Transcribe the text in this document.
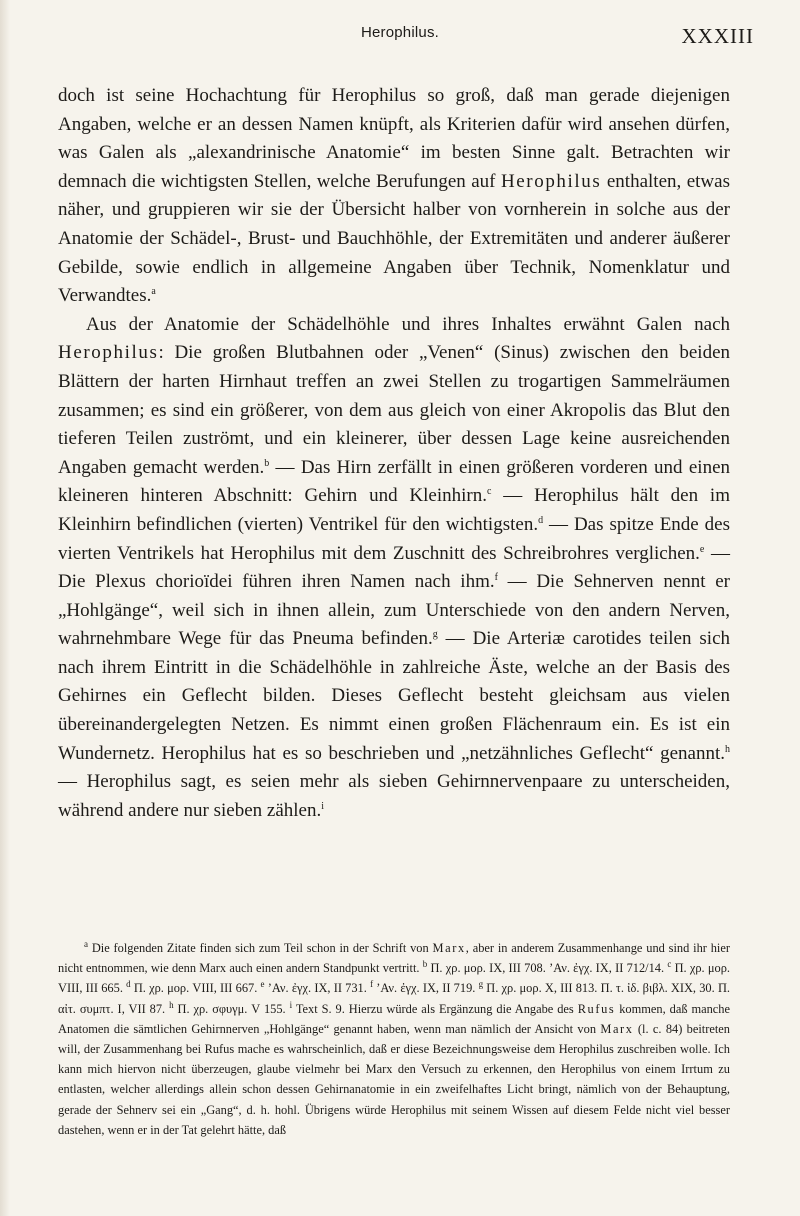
Herophilus.	XXXIII

doch ist seine Hochachtung für Herophilus so groß, daß man gerade diejenigen Angaben, welche er an dessen Namen knüpft, als Kriterien dafür wird ansehen dürfen, was Galen als „alexandrinische Anatomie“ im besten Sinne galt. Betrachten wir demnach die wichtigsten Stellen, welche Berufungen auf Herophilus enthalten, etwas näher, und gruppieren wir sie der Übersicht halber von vornherein in solche aus der Anatomie der Schädel-, Brust- und Bauchhöhle, der Extremitäten und anderer äußerer Gebilde, sowie endlich in allgemeine Angaben über Technik, Nomenklatur und Verwandtes.$^a$

Aus der Anatomie der Schädelhöhle und ihres Inhaltes erwähnt Galen nach Herophilus: Die großen Blutbahnen oder „Venen“ (Sinus) zwischen den beiden Blättern der harten Hirnhaut treffen an zwei Stellen zu trogartigen Sammelräumen zusammen; es sind ein größerer, von dem aus gleich von einer Akropolis das Blut den tieferen Teilen zuströmt, und ein kleinerer, über dessen Lage keine ausreichenden Angaben gemacht werden.$^b$ — Das Hirn zerfällt in einen größeren vorderen und einen kleineren hinteren Abschnitt: Gehirn und Kleinhirn.$^c$ — Herophilus hält den im Kleinhirn befindlichen (vierten) Ventrikel für den wichtigsten.$^d$ — Das spitze Ende des vierten Ventrikels hat Herophilus mit dem Zuschnitt des Schreibrohres verglichen.$^e$ — Die Plexus chorioïdei führen ihren Namen nach ihm.$^f$ — Die Sehnerven nennt er „Hohlgänge“, weil sich in ihnen allein, zum Unterschiede von den andern Nerven, wahrnehmbare Wege für das Pneuma befinden.$^g$ — Die Arteriæ carotides teilen sich nach ihrem Eintritt in die Schädelhöhle in zahlreiche Äste, welche an der Basis des Gehirnes ein Geflecht bilden. Dieses Geflecht besteht gleichsam aus vielen übereinandergelegten Netzen. Es nimmt einen großen Flächenraum ein. Es ist ein Wundernetz. Herophilus hat es so beschrieben und „netzähnliches Geflecht“ genannt.$^h$ — Herophilus sagt, es seien mehr als sieben Gehirnnervenpaare zu unterscheiden, während andere nur sieben zählen.$^i$

$^a$ Die folgenden Zitate finden sich zum Teil schon in der Schrift von Marx, aber in anderem Zusammenhange und sind ihr hier nicht entnommen, wie denn Marx auch einen andern Standpunkt vertritt. $^b$ Π. χρ. μορ. IX, III 708. ’Αν. ἐγχ. IX, II 712/14. $^c$ Π. χρ. μορ. VIII, III 665. $^d$ Π. χρ. μορ. VIII, III 667. $^e$ ’Αν. ἐγχ. IX, II 731. $^f$ ’Αν. ἐγχ. IX, II 719. $^g$ Π. χρ. μορ. X, III 813. Π. τ. ἰδ. βιβλ. XIX, 30. Π. αἰτ. συμπτ. I, VII 87. $^h$ Π. χρ. σφυγμ. V 155. $^i$ Text S. 9. Hierzu würde als Ergänzung die Angabe des Rufus kommen, daß manche Anatomen die sämtlichen Gehirnnerven „Hohlgänge“ genannt haben, wenn man nämlich der Ansicht von Marx (l. c. 84) beitreten will, der Zusammenhang bei Rufus mache es wahrscheinlich, daß er diese Bezeichnungsweise dem Herophilus zuschreiben wolle. Ich kann mich hiervon nicht überzeugen, glaube vielmehr bei Marx den Versuch zu erkennen, den Herophilus von einem Irrtum zu entlasten, welcher allerdings allein schon dessen Gehirnanatomie in ein zweifelhaftes Licht bringt, nämlich von der Behauptung, gerade der Sehnerv sei ein „Gang“, d. h. hohl. Übrigens würde Herophilus mit seinem Wissen auf diesem Felde nicht viel besser dastehen, wenn er in der Tat gelehrt hätte, daß
